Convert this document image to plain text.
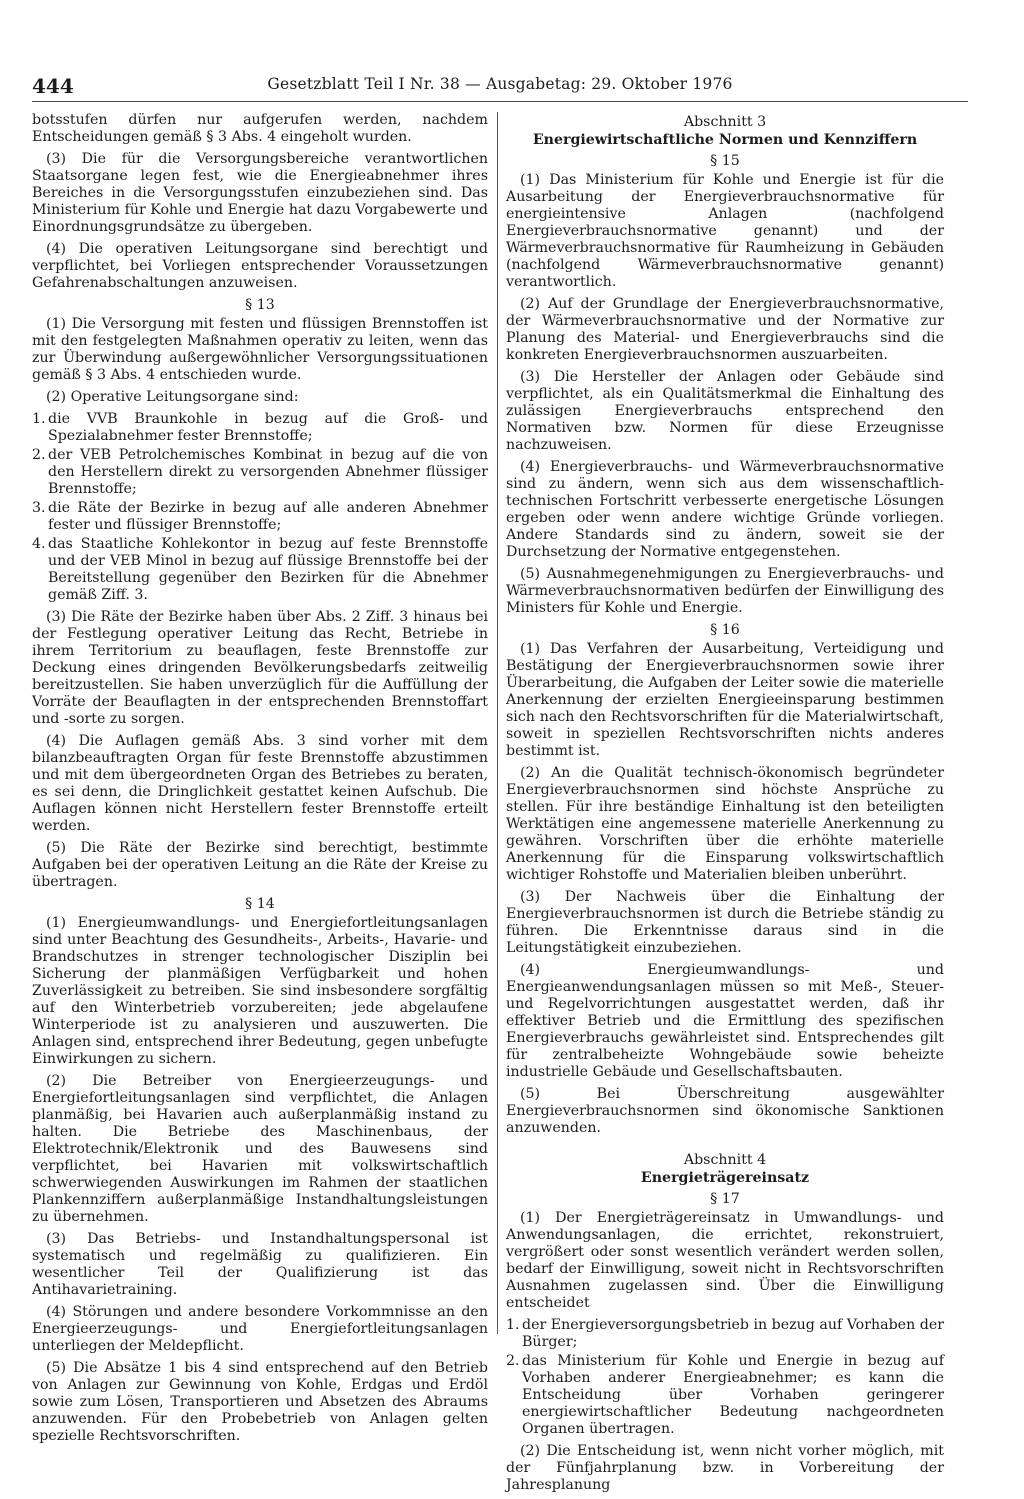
444	Gesetzblatt Teil I Nr. 38 — Ausgabetag: 29. Oktober 1976

botsstufen dürfen nur aufgerufen werden, nachdem Entscheidungen gemäß § 3 Abs. 4 eingeholt wurden.

(3) Die für die Versorgungsbereiche verantwortlichen Staatsorgane legen fest, wie die Energieabnehmer ihres Bereiches in die Versorgungsstufen einzubeziehen sind. Das Ministerium für Kohle und Energie hat dazu Vorgabewerte und Einordnungsgrundsätze zu übergeben.

(4) Die operativen Leitungsorgane sind berechtigt und verpflichtet, bei Vorliegen entsprechender Voraussetzungen Gefahrenabschaltungen anzuweisen.

§ 13

(1) Die Versorgung mit festen und flüssigen Brennstoffen ist mit den festgelegten Maßnahmen operativ zu leiten, wenn das zur Überwindung außergewöhnlicher Versorgungssituationen gemäß § 3 Abs. 4 entschieden wurde.

(2) Operative Leitungsorgane sind:

1. die VVB Braunkohle in bezug auf die Groß- und Spezialabnehmer fester Brennstoffe;
2. der VEB Petrolchemisches Kombinat in bezug auf die von den Herstellern direkt zu versorgenden Abnehmer flüssiger Brennstoffe;
3. die Räte der Bezirke in bezug auf alle anderen Abnehmer fester und flüssiger Brennstoffe;
4. das Staatliche Kohlekontor in bezug auf feste Brennstoffe und der VEB Minol in bezug auf flüssige Brennstoffe bei der Bereitstellung gegenüber den Bezirken für die Abnehmer gemäß Ziff. 3.

(3) Die Räte der Bezirke haben über Abs. 2 Ziff. 3 hinaus bei der Festlegung operativer Leitung das Recht, Betriebe in ihrem Territorium zu beauflagen, feste Brennstoffe zur Deckung eines dringenden Bevölkerungsbedarfs zeitweilig bereitzustellen. Sie haben unverzüglich für die Auffüllung der Vorräte der Beauflagten in der entsprechenden Brennstoffart und -sorte zu sorgen.

(4) Die Auflagen gemäß Abs. 3 sind vorher mit dem bilanzbeauftragten Organ für feste Brennstoffe abzustimmen und mit dem übergeordneten Organ des Betriebes zu beraten, es sei denn, die Dringlichkeit gestattet keinen Aufschub. Die Auflagen können nicht Herstellern fester Brennstoffe erteilt werden.

(5) Die Räte der Bezirke sind berechtigt, bestimmte Aufgaben bei der operativen Leitung an die Räte der Kreise zu übertragen.

§ 14

(1) Energieumwandlungs- und Energiefortleitungsanlagen sind unter Beachtung des Gesundheits-, Arbeits-, Havarie- und Brandschutzes in strenger technologischer Disziplin bei Sicherung der planmäßigen Verfügbarkeit und hohen Zuverlässigkeit zu betreiben. Sie sind insbesondere sorgfältig auf den Winterbetrieb vorzubereiten; jede abgelaufene Winterperiode ist zu analysieren und auszuwerten. Die Anlagen sind, entsprechend ihrer Bedeutung, gegen unbefugte Einwirkungen zu sichern.

(2) Die Betreiber von Energieerzeugungs- und Energiefortleitungsanlagen sind verpflichtet, die Anlagen planmäßig, bei Havarien auch außerplanmäßig instand zu halten. Die Betriebe des Maschinenbaus, der Elektrotechnik/Elektronik und des Bauwesens sind verpflichtet, bei Havarien mit volkswirtschaftlich schwerwiegenden Auswirkungen im Rahmen der staatlichen Plankennziffern außerplanmäßige Instandhaltungsleistungen zu übernehmen.

(3) Das Betriebs- und Instandhaltungspersonal ist systematisch und regelmäßig zu qualifizieren. Ein wesentlicher Teil der Qualifizierung ist das Antihavarietraining.

(4) Störungen und andere besondere Vorkommnisse an den Energieerzeugungs- und Energiefortleitungsanlagen unterliegen der Meldepflicht.

(5) Die Absätze 1 bis 4 sind entsprechend auf den Betrieb von Anlagen zur Gewinnung von Kohle, Erdgas und Erdöl sowie zum Lösen, Transportieren und Absetzen des Abraums anzuwenden. Für den Probebetrieb von Anlagen gelten spezielle Rechtsvorschriften.

Abschnitt 3
Energiewirtschaftliche Normen und Kennziffern
§ 15

(1) Das Ministerium für Kohle und Energie ist für die Ausarbeitung der Energieverbrauchsnormative für energieintensive Anlagen (nachfolgend Energieverbrauchsnormative genannt) und der Wärmeverbrauchsnormative für Raumheizung in Gebäuden (nachfolgend Wärmeverbrauchsnormative genannt) verantwortlich.

(2) Auf der Grundlage der Energieverbrauchsnormative, der Wärmeverbrauchsnormative und der Normative zur Planung des Material- und Energieverbrauchs sind die konkreten Energieverbrauchsnormen auszuarbeiten.

(3) Die Hersteller der Anlagen oder Gebäude sind verpflichtet, als ein Qualitätsmerkmal die Einhaltung des zulässigen Energieverbrauchs entsprechend den Normativen bzw. Normen für diese Erzeugnisse nachzuweisen.

(4) Energieverbrauchs- und Wärmeverbrauchsnormative sind zu ändern, wenn sich aus dem wissenschaftlich-technischen Fortschritt verbesserte energetische Lösungen ergeben oder wenn andere wichtige Gründe vorliegen. Andere Standards sind zu ändern, soweit sie der Durchsetzung der Normative entgegenstehen.

(5) Ausnahmegenehmigungen zu Energieverbrauchs- und Wärmeverbrauchsnormativen bedürfen der Einwilligung des Ministers für Kohle und Energie.

§ 16

(1) Das Verfahren der Ausarbeitung, Verteidigung und Bestätigung der Energieverbrauchsnormen sowie ihrer Überarbeitung, die Aufgaben der Leiter sowie die materielle Anerkennung der erzielten Energieeinsparung bestimmen sich nach den Rechtsvorschriften für die Materialwirtschaft, soweit in speziellen Rechtsvorschriften nichts anderes bestimmt ist.

(2) An die Qualität technisch-ökonomisch begründeter Energieverbrauchsnormen sind höchste Ansprüche zu stellen. Für ihre beständige Einhaltung ist den beteiligten Werktätigen eine angemessene materielle Anerkennung zu gewähren. Vorschriften über die erhöhte materielle Anerkennung für die Einsparung volkswirtschaftlich wichtiger Rohstoffe und Materialien bleiben unberührt.

(3) Der Nachweis über die Einhaltung der Energieverbrauchsnormen ist durch die Betriebe ständig zu führen. Die Erkenntnisse daraus sind in die Leitungstätigkeit einzubeziehen.

(4) Energieumwandlungs- und Energieanwendungsanlagen müssen so mit Meß-, Steuer- und Regelvorrichtungen ausgestattet werden, daß ihr effektiver Betrieb und die Ermittlung des spezifischen Energieverbrauchs gewährleistet sind. Entsprechendes gilt für zentralbeheizte Wohngebäude sowie beheizte industrielle Gebäude und Gesellschaftsbauten.

(5) Bei Überschreitung ausgewählter Energieverbrauchsnormen sind ökonomische Sanktionen anzuwenden.

Abschnitt 4
Energieträgereinsatz
§ 17

(1) Der Energieträgereinsatz in Umwandlungs- und Anwendungsanlagen, die errichtet, rekonstruiert, vergrößert oder sonst wesentlich verändert werden sollen, bedarf der Einwilligung, soweit nicht in Rechtsvorschriften Ausnahmen zugelassen sind. Über die Einwilligung entscheidet

1. der Energieversorgungsbetrieb in bezug auf Vorhaben der Bürger;
2. das Ministerium für Kohle und Energie in bezug auf Vorhaben anderer Energieabnehmer; es kann die Entscheidung über Vorhaben geringerer energiewirtschaftlicher Bedeutung nachgeordneten Organen übertragen.

(2) Die Entscheidung ist, wenn nicht vorher möglich, mit der Fünfjahrplanung bzw. in Vorbereitung der Jahresplanung
